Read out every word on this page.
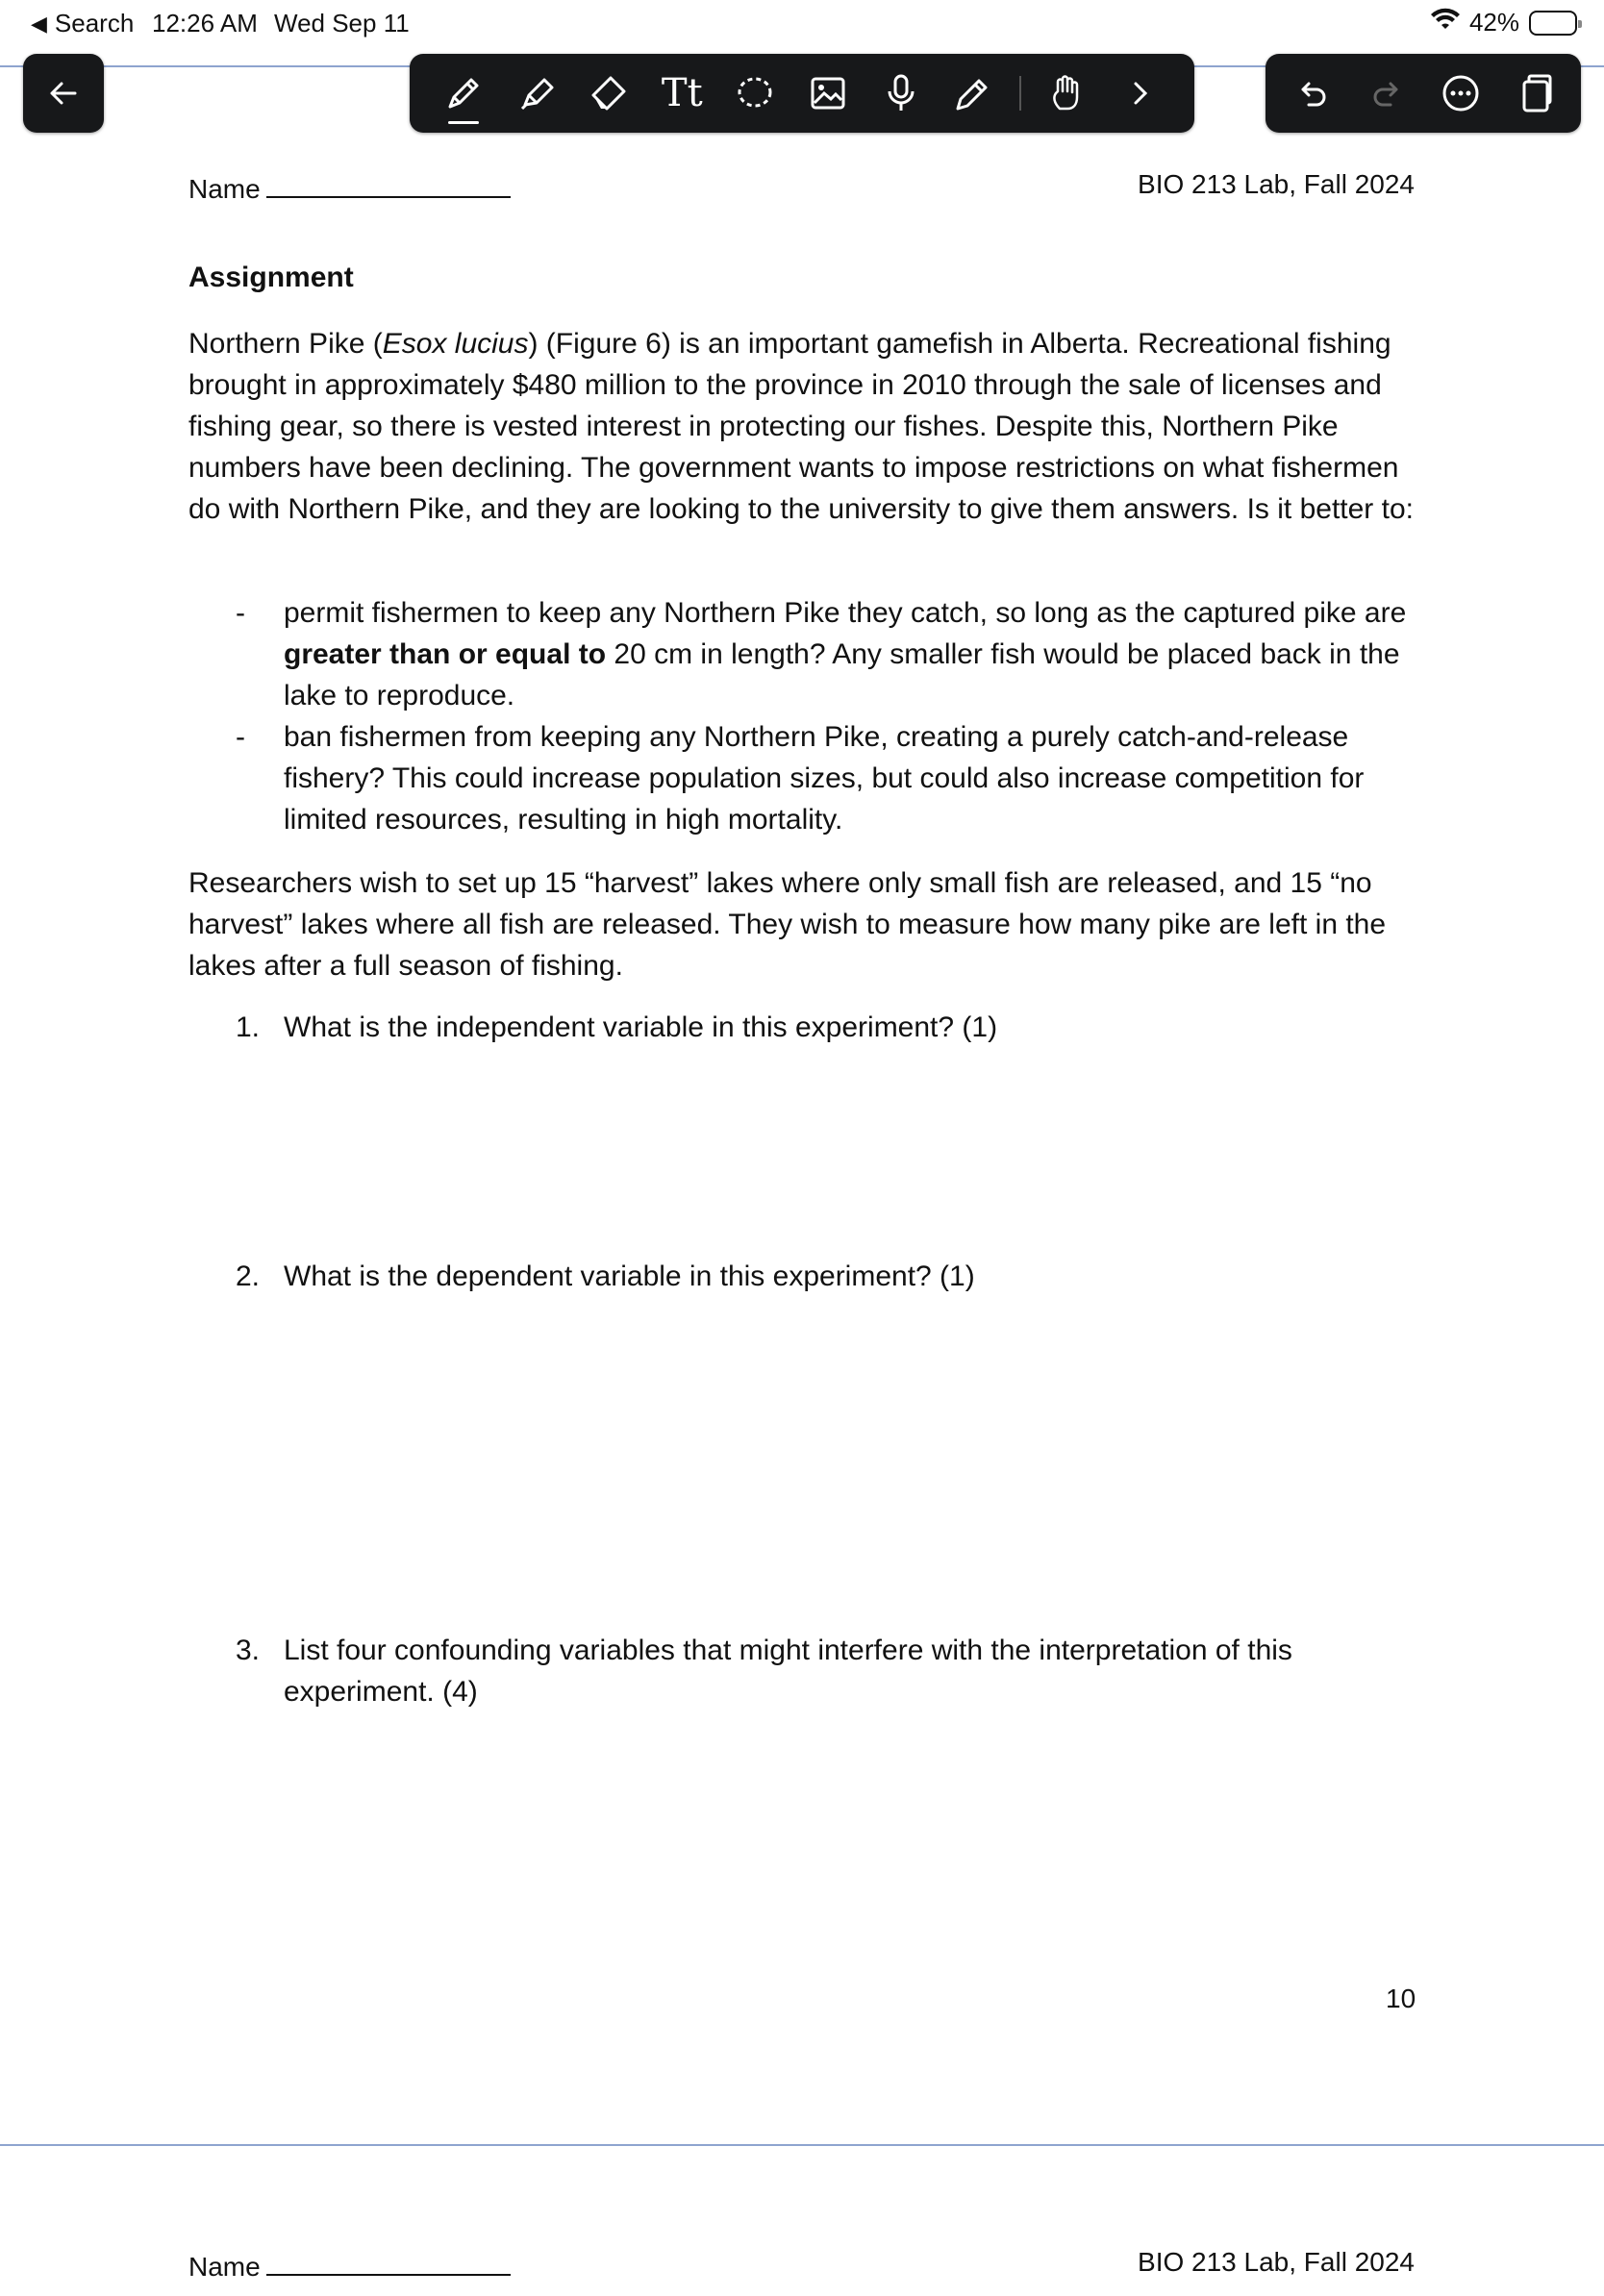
◀ Search 12:26 AM Wed Sep 11	42%
Tt
Name	BIO 213 Lab, Fall 2024
Assignment
Northern Pike (Esox lucius) (Figure 6) is an important gamefish in Alberta. Recreational fishing brought in approximately $480 million to the province in 2010 through the sale of licenses and fishing gear, so there is vested interest in protecting our fishes. Despite this, Northern Pike numbers have been declining. The government wants to impose restrictions on what fishermen do with Northern Pike, and they are looking to the university to give them answers. Is it better to:
- permit fishermen to keep any Northern Pike they catch, so long as the captured pike are greater than or equal to 20 cm in length? Any smaller fish would be placed back in the lake to reproduce.
- ban fishermen from keeping any Northern Pike, creating a purely catch-and-release fishery? This could increase population sizes, but could also increase competition for limited resources, resulting in high mortality.
Researchers wish to set up 15 “harvest” lakes where only small fish are released, and 15 “no harvest” lakes where all fish are released. They wish to measure how many pike are left in the lakes after a full season of fishing.
1. What is the independent variable in this experiment? (1)
2. What is the dependent variable in this experiment? (1)
3. List four confounding variables that might interfere with the interpretation of this experiment. (4)
10
Name	BIO 213 Lab, Fall 2024
